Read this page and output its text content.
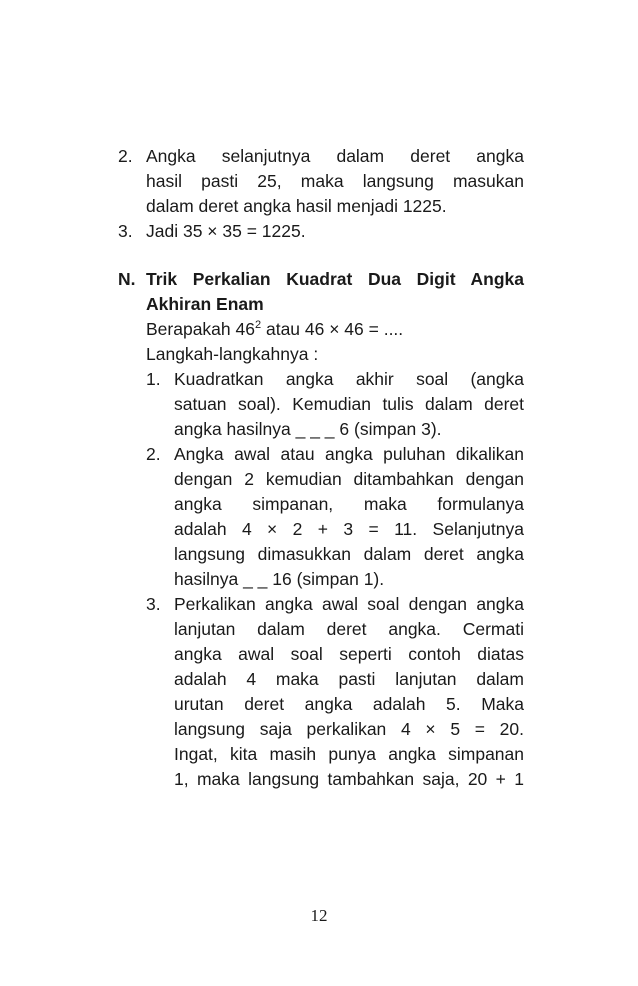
2. Angka selanjutnya dalam deret angka
hasil pasti 25, maka langsung masukan
dalam deret angka hasil menjadi 1225.
3. Jadi 35 × 35 = 1225.
N. Trik Perkalian Kuadrat Dua Digit Angka
Akhiran Enam
Berapakah $46^2$ atau 46 × 46 = ....
Langkah-langkahnya :
1. Kuadratkan angka akhir soal (angka
satuan soal). Kemudian tulis dalam deret
angka hasilnya _ _ _ 6 (simpan 3).
2. Angka awal atau angka puluhan dikalikan
dengan 2 kemudian ditambahkan dengan
angka simpanan, maka formulanya
adalah 4 × 2 + 3 = 11. Selanjutnya
langsung dimasukkan dalam deret angka
hasilnya _ _ 16 (simpan 1).
3. Perkalikan angka awal soal dengan angka
lanjutan dalam deret angka. Cermati
angka awal soal seperti contoh diatas
adalah 4 maka pasti lanjutan dalam
urutan deret angka adalah 5. Maka
langsung saja perkalikan 4 × 5 = 20.
Ingat, kita masih punya angka simpanan
1, maka langsung tambahkan saja, 20 + 1
12
